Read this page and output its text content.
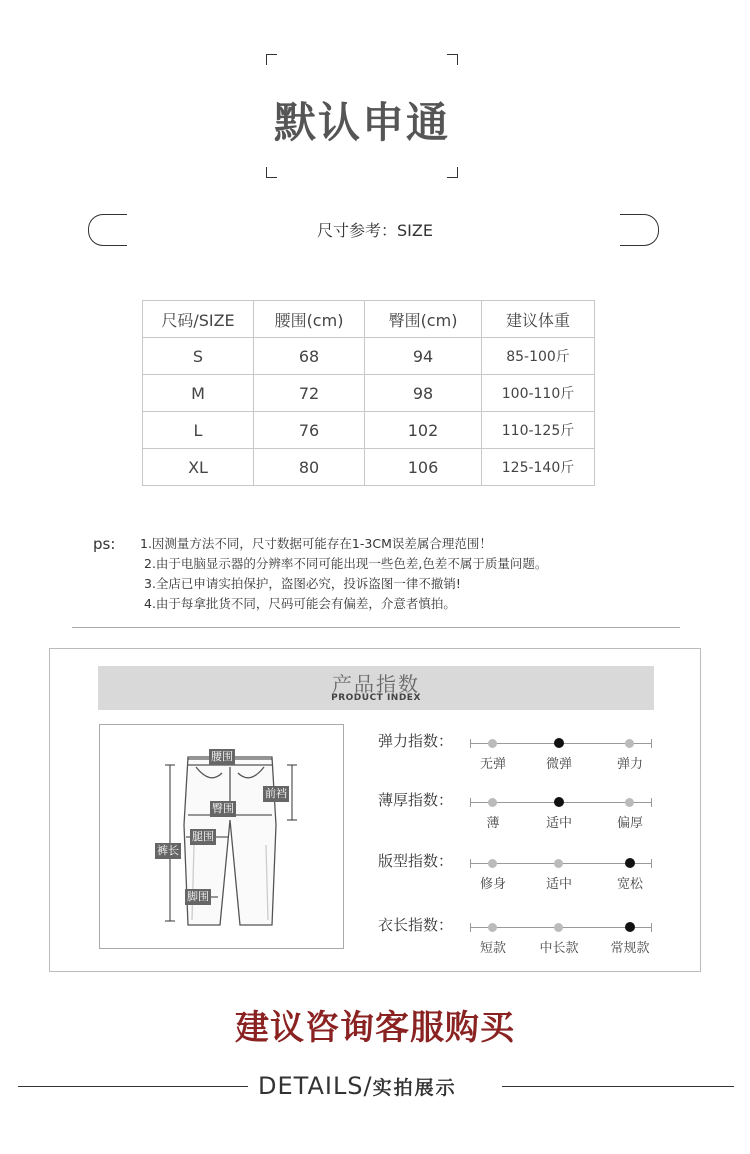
默认申通
尺寸参考：SIZE
尺码/SIZE	腰围(cm)	臀围(cm)	建议体重
S	68	94	85-100斤
M	72	98	100-110斤
L	76	102	110-125斤
XL	80	106	125-140斤
ps: 1.因测量方法不同，尺寸数据可能存在1-3CM误差属合理范围！
2.由于电脑显示器的分辨率不同可能出现一些色差,色差不属于质量问题。
3.全店已申请实拍保护，盗图必究，投诉盗图一律不撤销!
4.由于每拿批货不同，尺码可能会有偏差，介意者慎拍。
产品指数
PRODUCT INDEX
腰围
前裆
臀围
腿围
裤长
脚围
弹力指数：
无弹	微弹	弹力
薄厚指数：
薄	适中	偏厚
版型指数：
修身	适中	宽松
衣长指数：
短款	中长款	常规款
建议咨询客服购买
DETAILS/实拍展示
